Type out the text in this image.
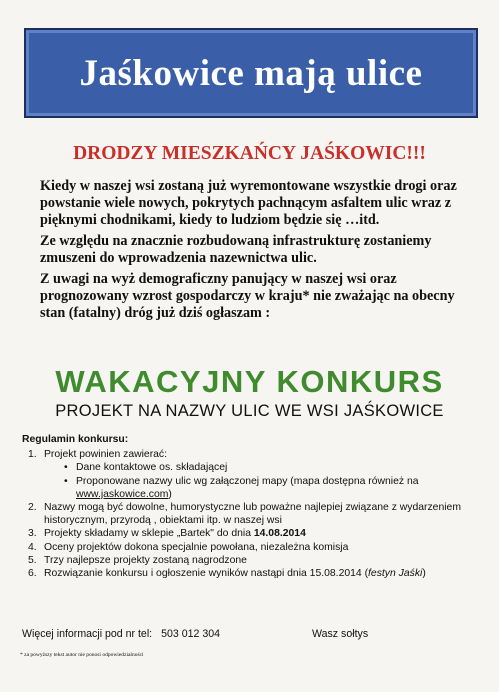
Jaśkowice mają ulice
DRODZY MIESZKAŃCY JAŚKOWIC!!!

Kiedy w naszej wsi zostaną już wyremontowane wszystkie drogi oraz powstanie wiele nowych, pokrytych pachnącym asfaltem ulic wraz z pięknymi chodnikami, kiedy to ludziom będzie się …itd.

Ze względu na znacznie rozbudowaną infrastrukturę zostaniemy zmuszeni do wprowadzenia nazewnictwa ulic.

Z uwagi na wyż demograficzny panujący w naszej wsi oraz prognozowany wzrost gospodarczy w kraju* nie zważając na obecny stan (fatalny) dróg już dziś ogłaszam :

WAKACYJNY KONKURS
PROJEKT NA NAZWY ULIC WE WSI JAŚKOWICE
Regulamin konkursu:
1. Projekt powinien zawierać:
• Dane kontaktowe os. składającej
• Proponowane nazwy ulic wg załączonej mapy (mapa dostępna również na www.jaskowice.com)
2. Nazwy mogą być dowolne, humorystyczne lub poważne najlepiej związane z wydarzeniem historycznym, przyrodą , obiektami itp. w naszej wsi
3. Projekty składamy w sklepie „Bartek" do dnia 14.08.2014
4. Oceny projektów dokona specjalnie powołana, niezależna komisja
5. Trzy najlepsze projekty zostaną nagrodzone
6. Rozwiązanie konkursu i ogłoszenie wyników nastąpi dnia 15.08.2014 (festyn Jaśki)
Więcej informacji pod nr tel: 503 012 304	Wasz sołtys
* za powyższy tekst autor nie ponosi odpowiedzialności
